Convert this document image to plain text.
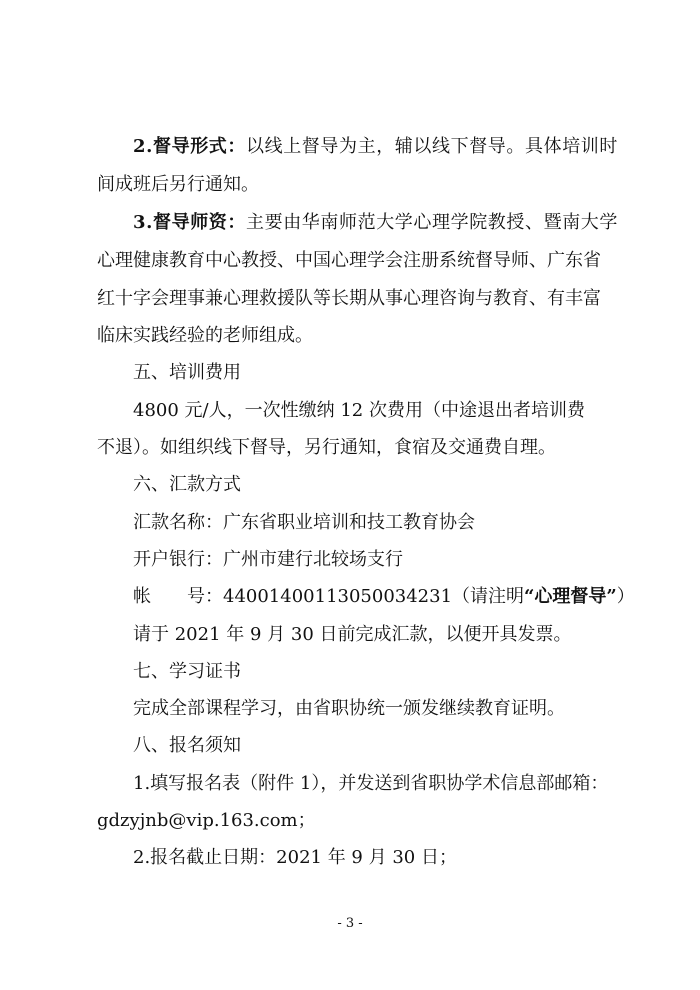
2.督导形式：以线上督导为主，辅以线下督导。具体培训时
间成班后另行通知。
3.督导师资：主要由华南师范大学心理学院教授、暨南大学
心理健康教育中心教授、中国心理学会注册系统督导师、广东省
红十字会理事兼心理救援队等长期从事心理咨询与教育、有丰富
临床实践经验的老师组成。
五、培训费用
4800 元/人，一次性缴纳 12 次费用（中途退出者培训费
不退）。如组织线下督导，另行通知，食宿及交通费自理。
六、汇款方式
汇款名称：广东省职业培训和技工教育协会
开户银行：广州市建行北较场支行
帐　　号：44001400113050034231（请注明“心理督导”）
请于 2021 年 9 月 30 日前完成汇款，以便开具发票。
七、学习证书
完成全部课程学习，由省职协统一颁发继续教育证明。
八、报名须知
1.填写报名表（附件 1），并发送到省职协学术信息部邮箱：
gdzyjnb@vip.163.com；
2.报名截止日期：2021 年 9 月 30 日；
- 3 -
